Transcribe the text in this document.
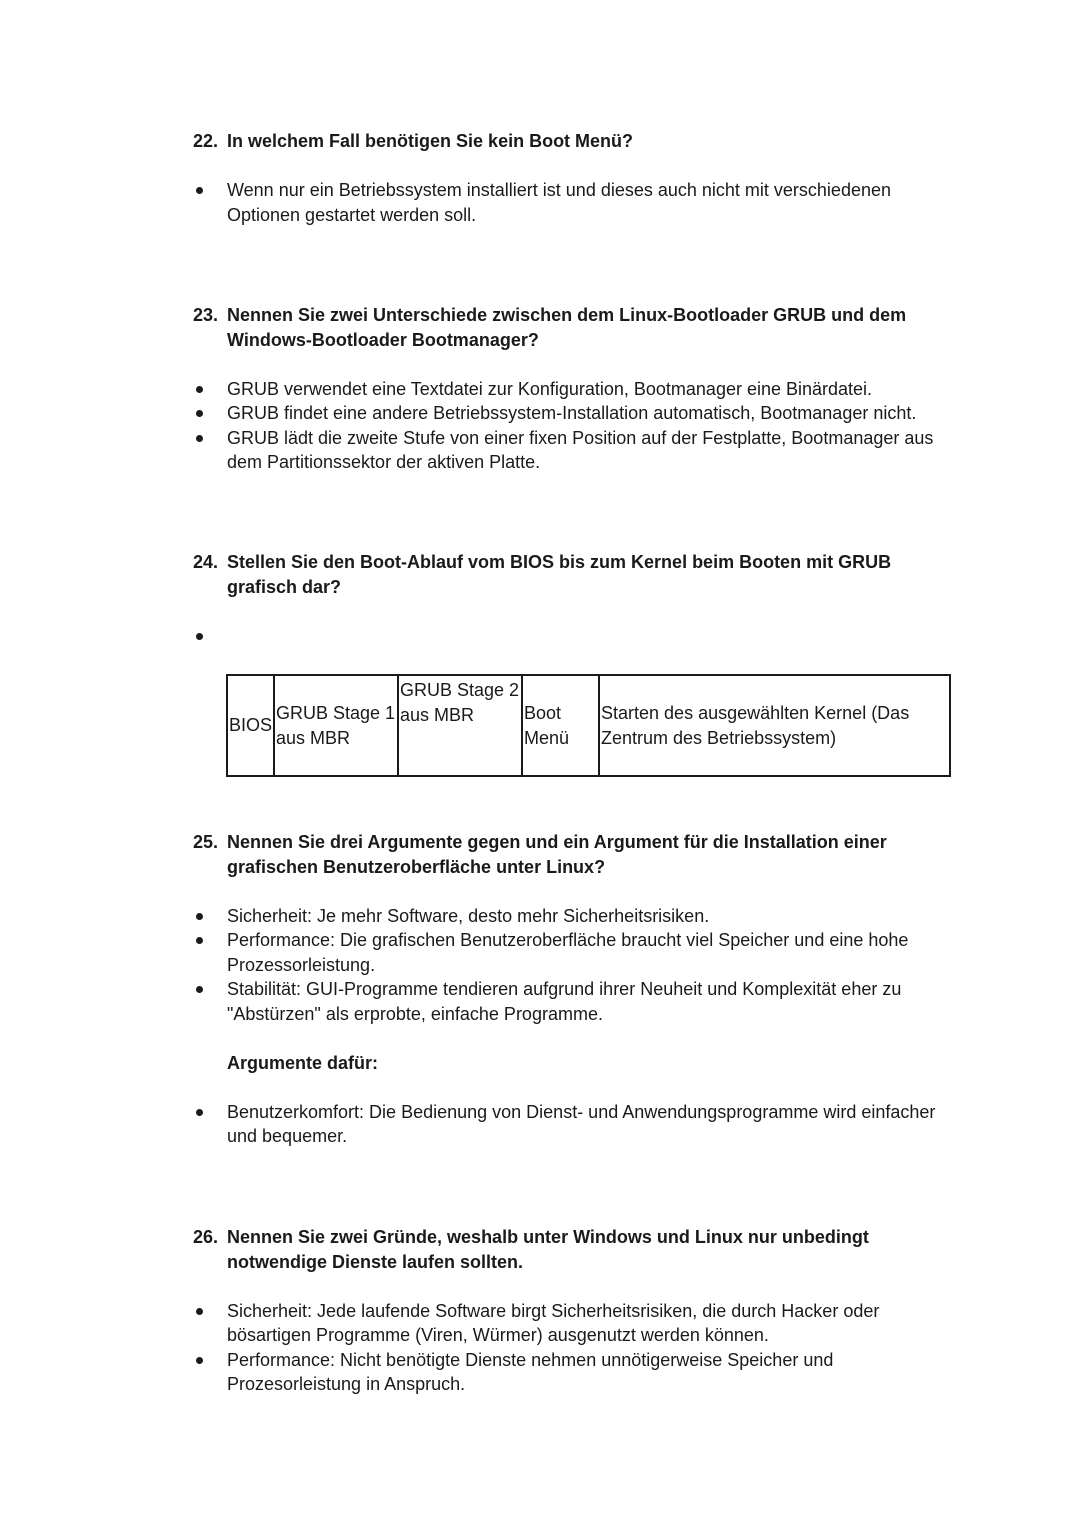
22. In welchem Fall benötigen Sie kein Boot Menü?
Wenn nur ein Betriebssystem installiert ist und dieses auch nicht mit verschiedenen Optionen gestartet werden soll.
23. Nennen Sie zwei Unterschiede zwischen dem Linux-Bootloader GRUB und dem Windows-Bootloader Bootmanager?
GRUB verwendet eine Textdatei zur Konfiguration, Bootmanager eine Binärdatei.
GRUB findet eine andere Betriebssystem-Installation automatisch, Bootmanager nicht.
GRUB lädt die zweite Stufe von einer fixen Position auf der Festplatte, Bootmanager aus dem Partitionssektor der aktiven Platte.
24. Stellen Sie den Boot-Ablauf vom BIOS bis zum Kernel beim Booten mit GRUB grafisch dar?

BIOS	GRUB Stage 1 aus MBR	GRUB Stage 2 aus MBR	Boot Menü	Starten des ausgewählten Kernel (Das Zentrum des Betriebssystem)
25. Nennen Sie drei Argumente gegen und ein Argument für die Installation einer grafischen Benutzeroberfläche unter Linux?
Sicherheit: Je mehr Software, desto mehr Sicherheitsrisiken.
Performance: Die grafischen Benutzeroberfläche braucht viel Speicher und eine hohe Prozessorleistung.
Stabilität: GUI-Programme tendieren aufgrund ihrer Neuheit und Komplexität eher zu "Abstürzen" als erprobte, einfache Programme.
Argumente dafür:
Benutzerkomfort: Die Bedienung von Dienst- und Anwendungsprogramme wird einfacher und bequemer.
26. Nennen Sie zwei Gründe, weshalb unter Windows und Linux nur unbedingt notwendige Dienste laufen sollten.
Sicherheit: Jede laufende Software birgt Sicherheitsrisiken, die durch Hacker oder bösartigen Programme (Viren, Würmer) ausgenutzt werden können.
Performance: Nicht benötigte Dienste nehmen unnötigerweise Speicher und Prozesorleistung in Anspruch.
